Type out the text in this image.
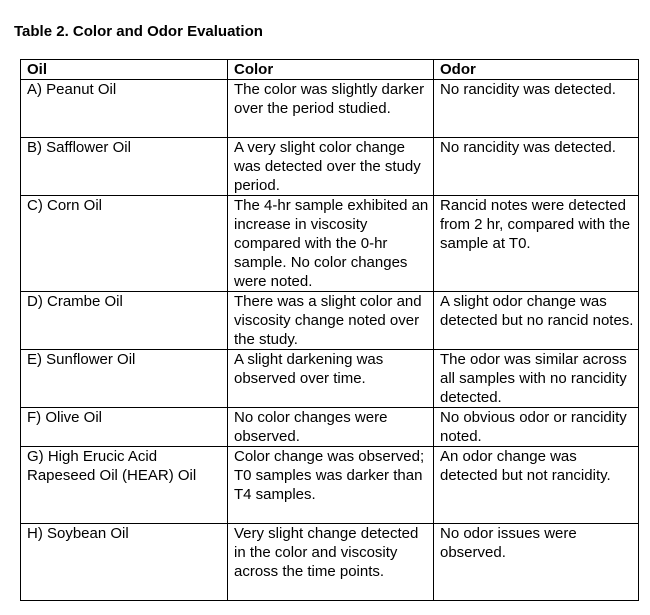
Table 2. Color and Odor Evaluation
Oil	Color	Odor
A) Peanut Oil	The color was slightly darker over the period studied.	No rancidity was detected.
B) Safflower Oil	A very slight color change was detected over the study period.	No rancidity was detected.
C) Corn Oil	The 4-hr sample exhibited an increase in viscosity compared with the 0-hr sample. No color changes were noted.	Rancid notes were detected from 2 hr, compared with the sample at T0.
D) Crambe Oil	There was a slight color and viscosity change noted over the study.	A slight odor change was detected but no rancid notes.
E) Sunflower Oil	A slight darkening was observed over time.	The odor was similar across all samples with no rancidity detected.
F) Olive Oil	No color changes were observed.	No obvious odor or rancidity noted.
G) High Erucic Acid Rapeseed Oil (HEAR) Oil	Color change was observed; T0 samples was darker than T4 samples.	An odor change was detected but not rancidity.
H) Soybean Oil	Very slight change detected in the color and viscosity across the time points.	No odor issues were observed.
